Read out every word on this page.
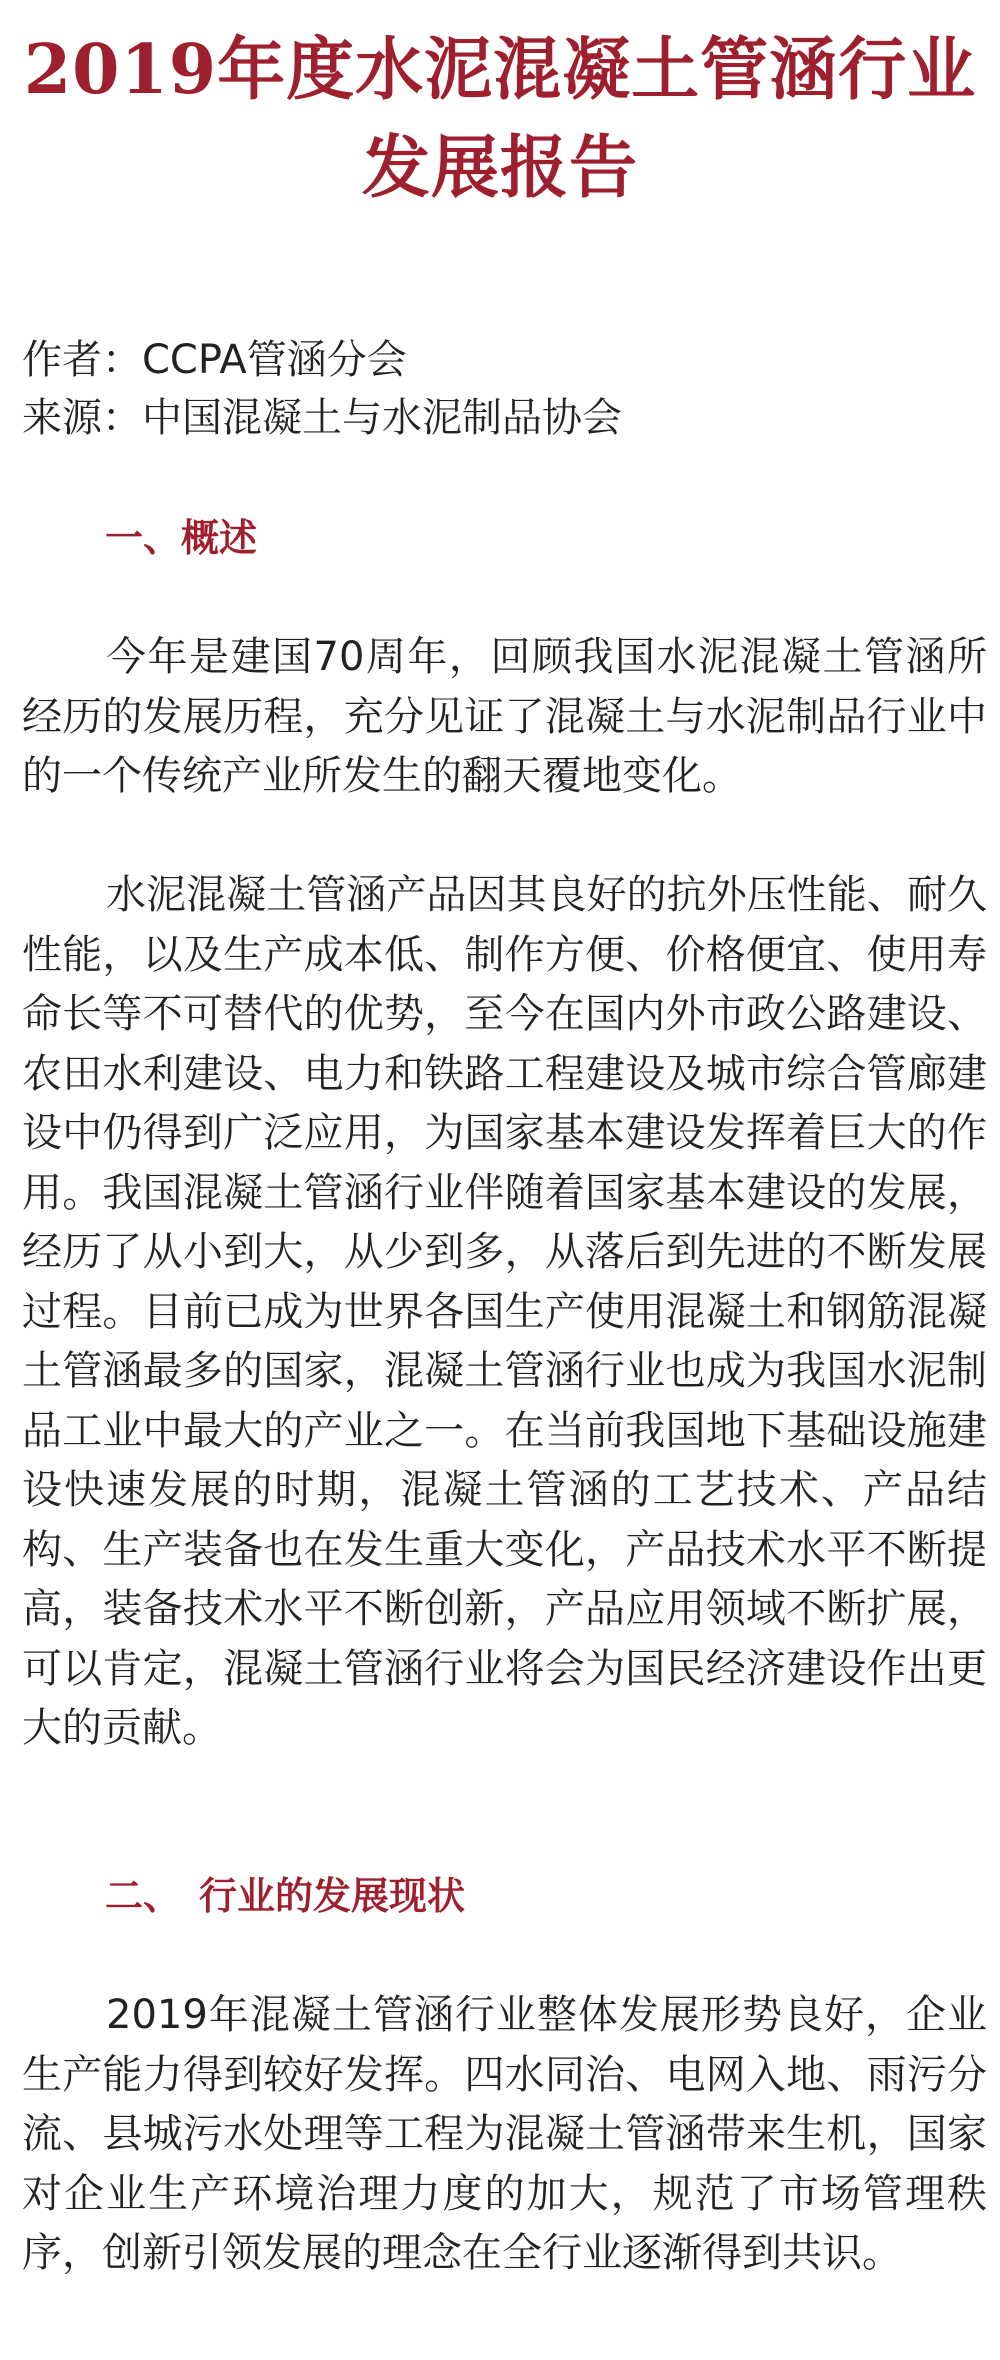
2019年度水泥混凝土管涵行业
发展报告

作者：CCPA管涵分会

来源：中国混凝土与水泥制品协会

一、概述

今年是建国70周年，回顾我国水泥混凝土管涵所经历的发展历程，充分见证了混凝土与水泥制品行业中的一个传统产业所发生的翻天覆地变化。

水泥混凝土管涵产品因其良好的抗外压性能、耐久性能，以及生产成本低、制作方便、价格便宜、使用寿命长等不可替代的优势，至今在国内外市政公路建设、农田水利建设、电力和铁路工程建设及城市综合管廊建设中仍得到广泛应用，为国家基本建设发挥着巨大的作用。我国混凝土管涵行业伴随着国家基本建设的发展，经历了从小到大，从少到多，从落后到先进的不断发展过程。目前已成为世界各国生产使用混凝土和钢筋混凝土管涵最多的国家，混凝土管涵行业也成为我国水泥制品工业中最大的产业之一。在当前我国地下基础设施建设快速发展的时期，混凝土管涵的工艺技术、产品结构、生产装备也在发生重大变化，产品技术水平不断提高，装备技术水平不断创新，产品应用领域不断扩展，可以肯定，混凝土管涵行业将会为国民经济建设作出更大的贡献。

二、 行业的发展现状

2019年混凝土管涵行业整体发展形势良好，企业生产能力得到较好发挥。四水同治、电网入地、雨污分流、县城污水处理等工程为混凝土管涵带来生机，国家对企业生产环境治理力度的加大，规范了市场管理秩序，创新引领发展的理念在全行业逐渐得到共识。
